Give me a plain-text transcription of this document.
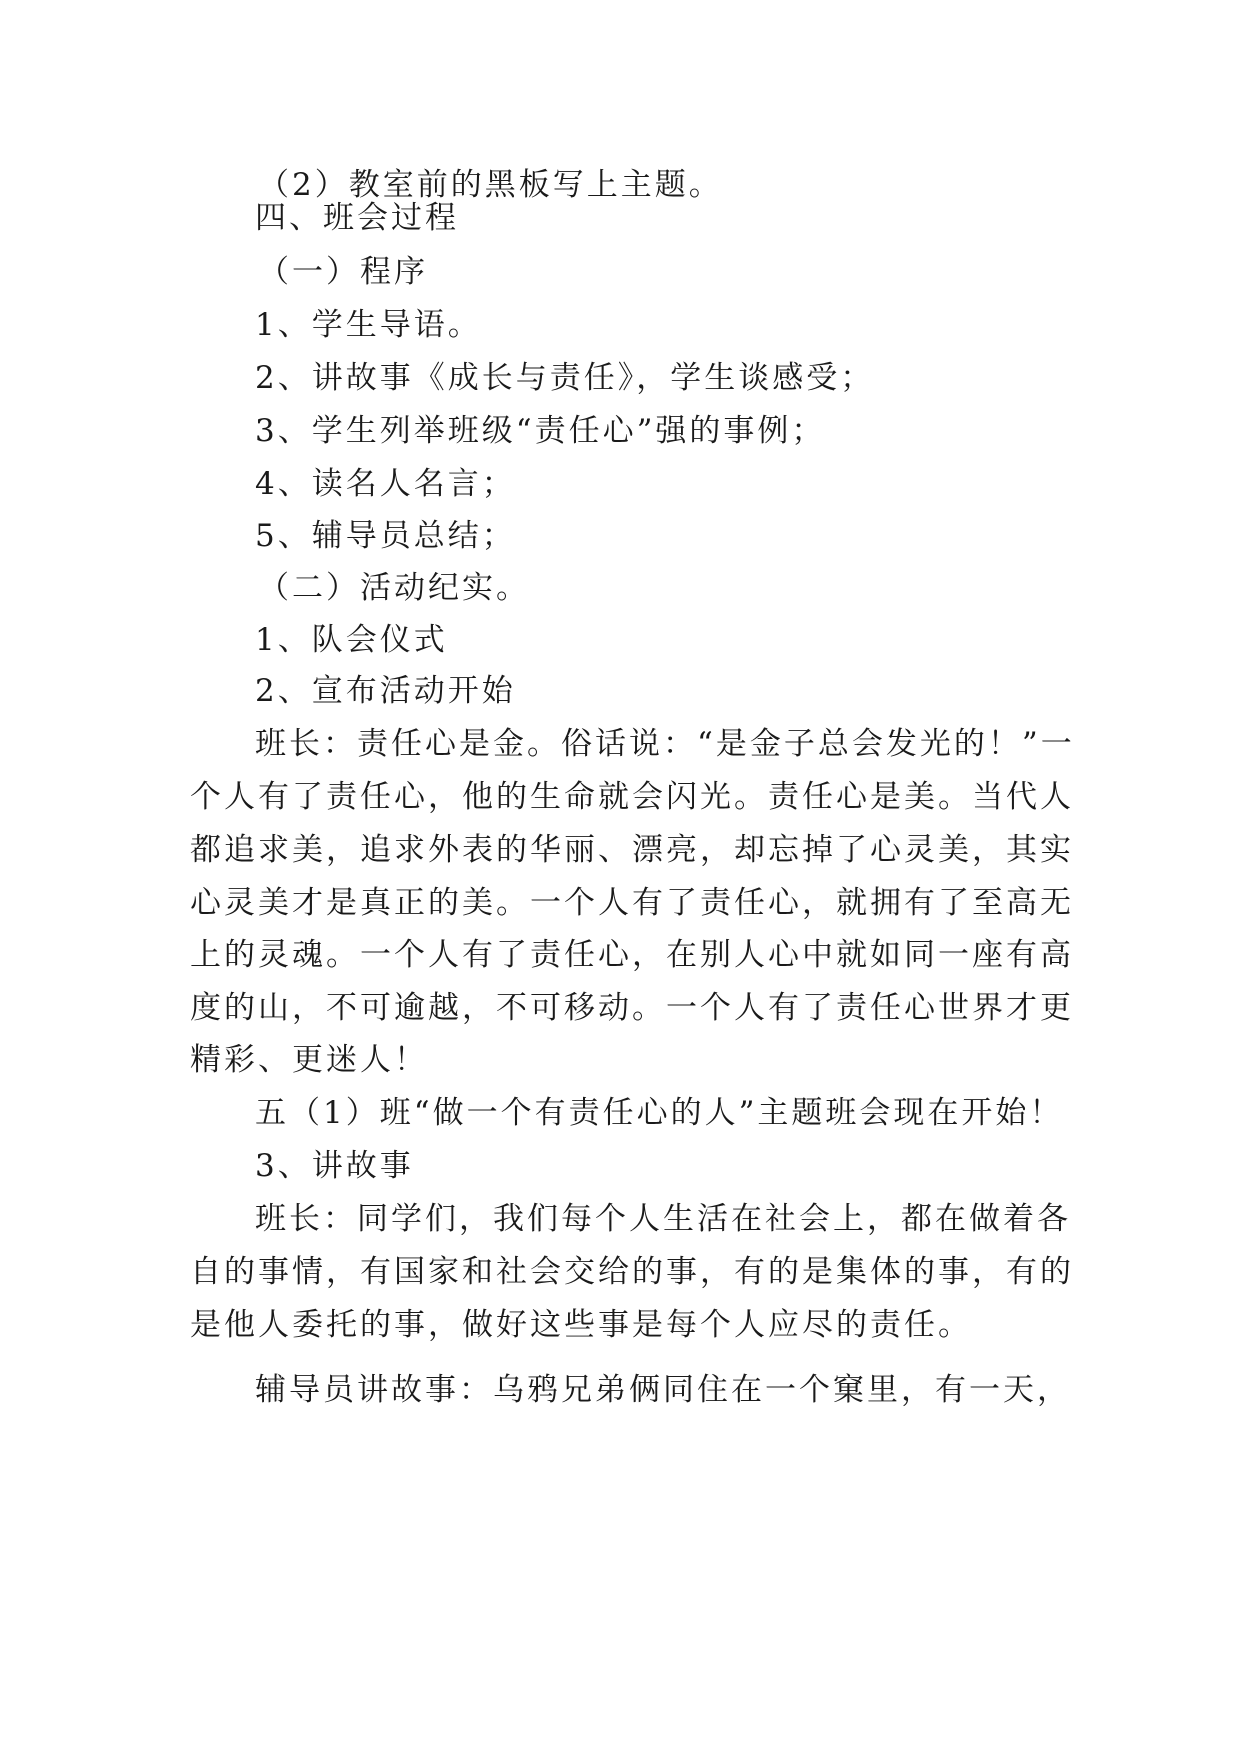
（2）教室前的黑板写上主题。
四、班会过程
（一）程序
1、学生导语。
2、讲故事《成长与责任》，学生谈感受；
3、学生列举班级“责任心”强的事例；
4、读名人名言；
5、辅导员总结；
（二）活动纪实。
1、队会仪式
2、宣布活动开始
班长：责任心是金。俗话说：“是金子总会发光的！”一
个人有了责任心，他的生命就会闪光。责任心是美。当代人
都追求美，追求外表的华丽、漂亮，却忘掉了心灵美，其实
心灵美才是真正的美。一个人有了责任心，就拥有了至高无
上的灵魂。一个人有了责任心，在别人心中就如同一座有高
度的山，不可逾越，不可移动。一个人有了责任心世界才更
精彩、更迷人！
五（1）班“做一个有责任心的人”主题班会现在开始！
3、讲故事
班长：同学们，我们每个人生活在社会上，都在做着各
自的事情，有国家和社会交给的事，有的是集体的事，有的
是他人委托的事，做好这些事是每个人应尽的责任。
辅导员讲故事：乌鸦兄弟俩同住在一个窠里，有一天，
